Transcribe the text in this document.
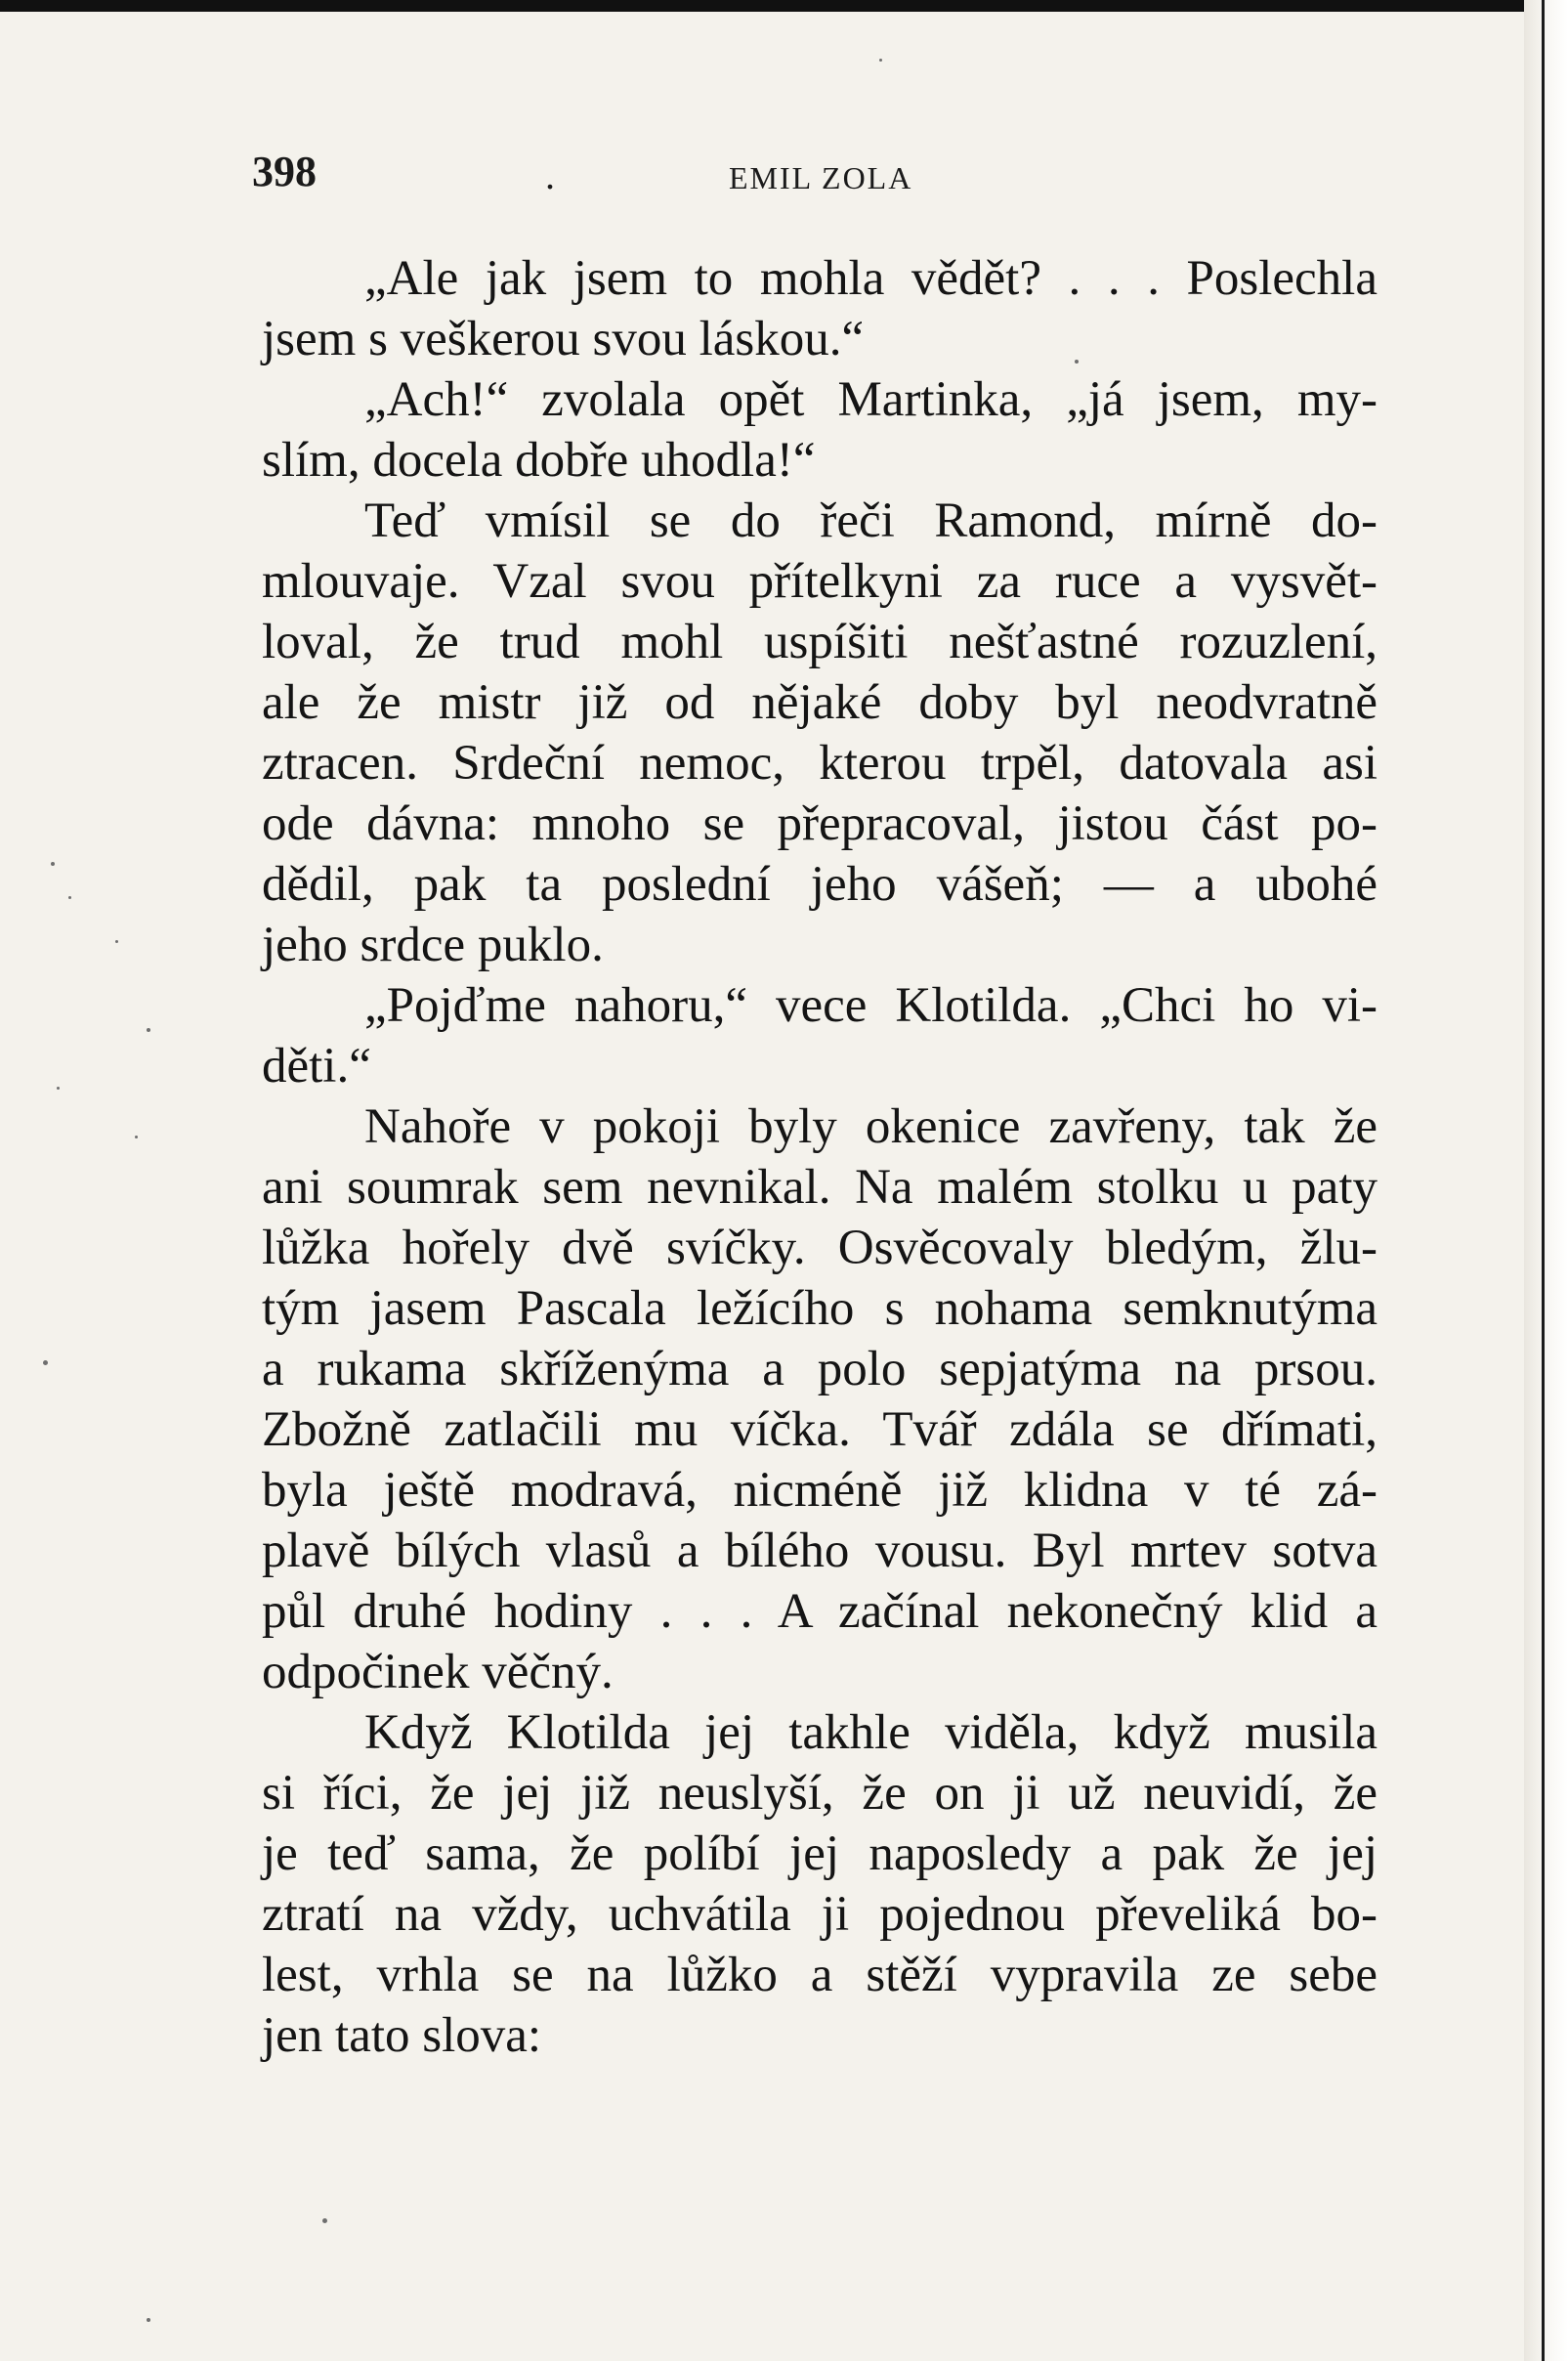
398	.	EMIL ZOLA
„Ale jak jsem to mohla vědět? . . . Poslechla
jsem s veškerou svou láskou.“
„Ach!“ zvolala opět Martinka, „já jsem, my-
slím, docela dobře uhodla!“
Teď vmísil se do řeči Ramond, mírně do-
mlouvaje. Vzal svou přítelkyni za ruce a vysvět-
loval, že trud mohl uspíšiti nešťastné rozuzlení,
ale že mistr již od nějaké doby byl neodvratně
ztracen. Srdeční nemoc, kterou trpěl, datovala asi
ode dávna: mnoho se přepracoval, jistou část po-
dědil, pak ta poslední jeho vášeň; — a ubohé
jeho srdce puklo.
„Pojďme nahoru,“ vece Klotilda. „Chci ho vi-
děti.“
Nahoře v pokoji byly okenice zavřeny, tak že
ani soumrak sem nevnikal. Na malém stolku u paty
lůžka hořely dvě svíčky. Osvěcovaly bledým, žlu-
tým jasem Pascala ležícího s nohama semknutýma
a rukama skříženýma a polo sepjatýma na prsou.
Zbožně zatlačili mu víčka. Tvář zdála se dřímati,
byla ještě modravá, nicméně již klidna v té zá-
plavě bílých vlasů a bílého vousu. Byl mrtev sotva
půl druhé hodiny . . . A začínal nekonečný klid a
odpočinek věčný.
Když Klotilda jej takhle viděla, když musila
si říci, že jej již neuslyší, že on ji už neuvidí, že
je teď sama, že políbí jej naposledy a pak že jej
ztratí na vždy, uchvátila ji pojednou převeliká bo-
lest, vrhla se na lůžko a stěží vypravila ze sebe
jen tato slova:
